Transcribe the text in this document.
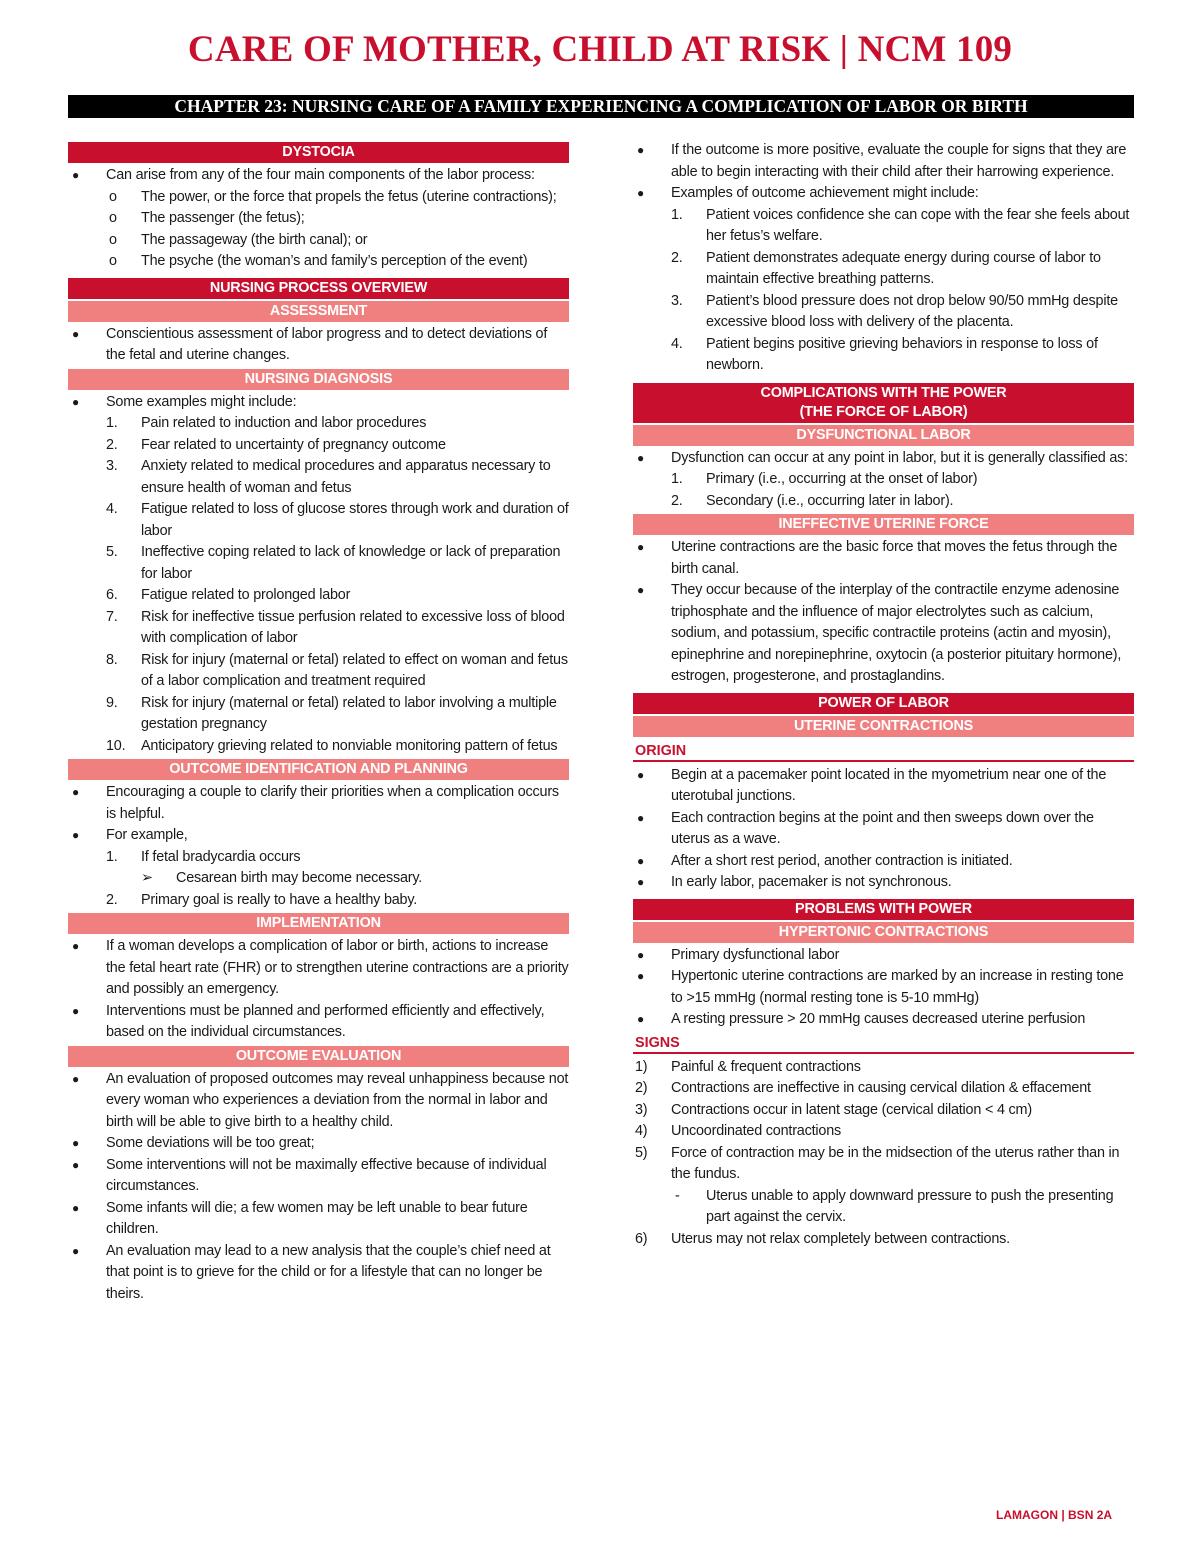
CARE OF MOTHER, CHILD AT RISK | NCM 109
CHAPTER 23: NURSING CARE OF A FAMILY EXPERIENCING A COMPLICATION OF LABOR OR BIRTH
DYSTOCIA
● Can arise from any of the four main components of the labor process:
o The power, or the force that propels the fetus (uterine contractions);
o The passenger (the fetus);
o The passageway (the birth canal); or
o The psyche (the woman’s and family’s perception of the event)
NURSING PROCESS OVERVIEW
ASSESSMENT
● Conscientious assessment of labor progress and to detect deviations of the fetal and uterine changes.
NURSING DIAGNOSIS
● Some examples might include:
1. Pain related to induction and labor procedures
2. Fear related to uncertainty of pregnancy outcome
3. Anxiety related to medical procedures and apparatus necessary to ensure health of woman and fetus
4. Fatigue related to loss of glucose stores through work and duration of labor
5. Ineffective coping related to lack of knowledge or lack of preparation for labor
6. Fatigue related to prolonged labor
7. Risk for ineffective tissue perfusion related to excessive loss of blood with complication of labor
8. Risk for injury (maternal or fetal) related to effect on woman and fetus of a labor complication and treatment required
9. Risk for injury (maternal or fetal) related to labor involving a multiple gestation pregnancy
10. Anticipatory grieving related to nonviable monitoring pattern of fetus
OUTCOME IDENTIFICATION AND PLANNING
● Encouraging a couple to clarify their priorities when a complication occurs is helpful.
● For example,
1. If fetal bradycardia occurs
➢ Cesarean birth may become necessary.
2. Primary goal is really to have a healthy baby.
IMPLEMENTATION
● If a woman develops a complication of labor or birth, actions to increase the fetal heart rate (FHR) or to strengthen uterine contractions are a priority and possibly an emergency.
● Interventions must be planned and performed efficiently and effectively, based on the individual circumstances.
OUTCOME EVALUATION
● An evaluation of proposed outcomes may reveal unhappiness because not every woman who experiences a deviation from the normal in labor and birth will be able to give birth to a healthy child.
● Some deviations will be too great;
● Some interventions will not be maximally effective because of individual circumstances.
● Some infants will die; a few women may be left unable to bear future children.
● An evaluation may lead to a new analysis that the couple’s chief need at that point is to grieve for the child or for a lifestyle that can no longer be theirs.
● If the outcome is more positive, evaluate the couple for signs that they are able to begin interacting with their child after their harrowing experience.
● Examples of outcome achievement might include:
1. Patient voices confidence she can cope with the fear she feels about her fetus’s welfare.
2. Patient demonstrates adequate energy during course of labor to maintain effective breathing patterns.
3. Patient’s blood pressure does not drop below 90/50 mmHg despite excessive blood loss with delivery of the placenta.
4. Patient begins positive grieving behaviors in response to loss of newborn.
COMPLICATIONS WITH THE POWER
(THE FORCE OF LABOR)
DYSFUNCTIONAL LABOR
● Dysfunction can occur at any point in labor, but it is generally classified as:
1. Primary (i.e., occurring at the onset of labor)
2. Secondary (i.e., occurring later in labor).
INEFFECTIVE UTERINE FORCE
● Uterine contractions are the basic force that moves the fetus through the birth canal.
● They occur because of the interplay of the contractile enzyme adenosine triphosphate and the influence of major electrolytes such as calcium, sodium, and potassium, specific contractile proteins (actin and myosin), epinephrine and norepinephrine, oxytocin (a posterior pituitary hormone), estrogen, progesterone, and prostaglandins.
POWER OF LABOR
UTERINE CONTRACTIONS
ORIGIN
● Begin at a pacemaker point located in the myometrium near one of the uterotubal junctions.
● Each contraction begins at the point and then sweeps down over the uterus as a wave.
● After a short rest period, another contraction is initiated.
● In early labor, pacemaker is not synchronous.
PROBLEMS WITH POWER
HYPERTONIC CONTRACTIONS
● Primary dysfunctional labor
● Hypertonic uterine contractions are marked by an increase in resting tone to >15 mmHg (normal resting tone is 5-10 mmHg)
● A resting pressure > 20 mmHg causes decreased uterine perfusion
SIGNS
1) Painful & frequent contractions
2) Contractions are ineffective in causing cervical dilation & effacement
3) Contractions occur in latent stage (cervical dilation < 4 cm)
4) Uncoordinated contractions
5) Force of contraction may be in the midsection of the uterus rather than in the fundus.
- Uterus unable to apply downward pressure to push the presenting part against the cervix.
6) Uterus may not relax completely between contractions.
LAMAGON | BSN 2A
